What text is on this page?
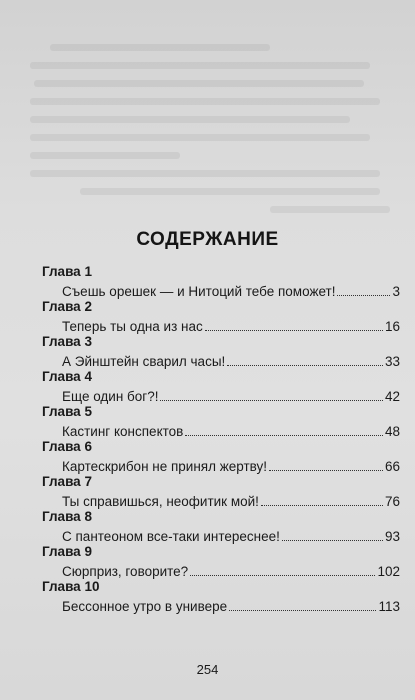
СОДЕРЖАНИЕ
Глава 1
Съешь орешек — и Нитоций тебе поможет!	3
Глава 2
Теперь ты одна из нас	16
Глава 3
А Эйнштейн сварил часы!	33
Глава 4
Еще один бог?!	42
Глава 5
Кастинг конспектов	48
Глава 6
Картескрибон не принял жертву!	66
Глава 7
Ты справишься, неофитик мой!	76
Глава 8
С пантеоном все-таки интереснее!	93
Глава 9
Сюрприз, говорите?	102
Глава 10
Бессонное утро в универе	113
254
